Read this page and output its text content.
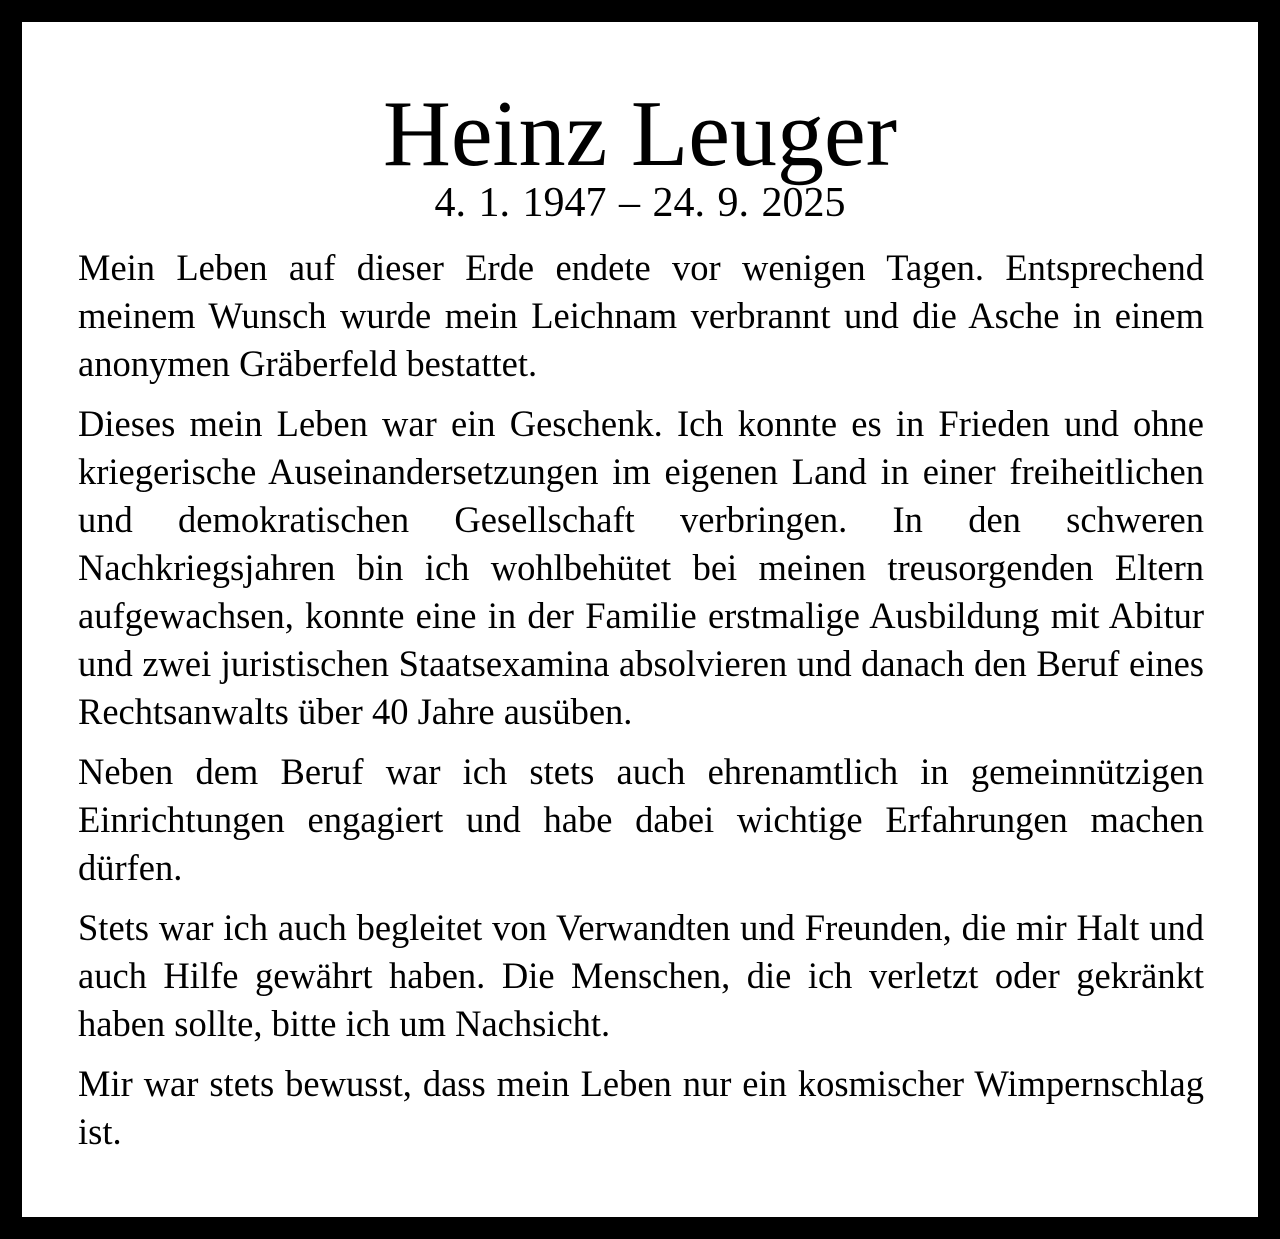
Heinz Leuger
4. 1. 1947 – 24. 9. 2025

Mein Leben auf dieser Erde endete vor wenigen Tagen. Entsprechend meinem Wunsch wurde mein Leichnam verbrannt und die Asche in einem anonymen Gräberfeld bestattet.

Dieses mein Leben war ein Geschenk. Ich konnte es in Frieden und ohne kriegerische Auseinandersetzungen im eigenen Land in einer freiheitlichen und demokratischen Gesellschaft verbringen. In den schweren Nachkriegsjahren bin ich wohlbehütet bei meinen treusorgenden Eltern aufgewachsen, konnte eine in der Familie erstmalige Ausbildung mit Abitur und zwei juristischen Staatsexamina absolvieren und danach den Beruf eines Rechtsanwalts über 40 Jahre ausüben.

Neben dem Beruf war ich stets auch ehrenamtlich in gemeinnützigen Einrichtungen engagiert und habe dabei wichtige Erfahrungen machen dürfen.

Stets war ich auch begleitet von Verwandten und Freunden, die mir Halt und auch Hilfe gewährt haben. Die Menschen, die ich verletzt oder gekränkt haben sollte, bitte ich um Nachsicht.

Mir war stets bewusst, dass mein Leben nur ein kosmischer Wimpernschlag ist.
